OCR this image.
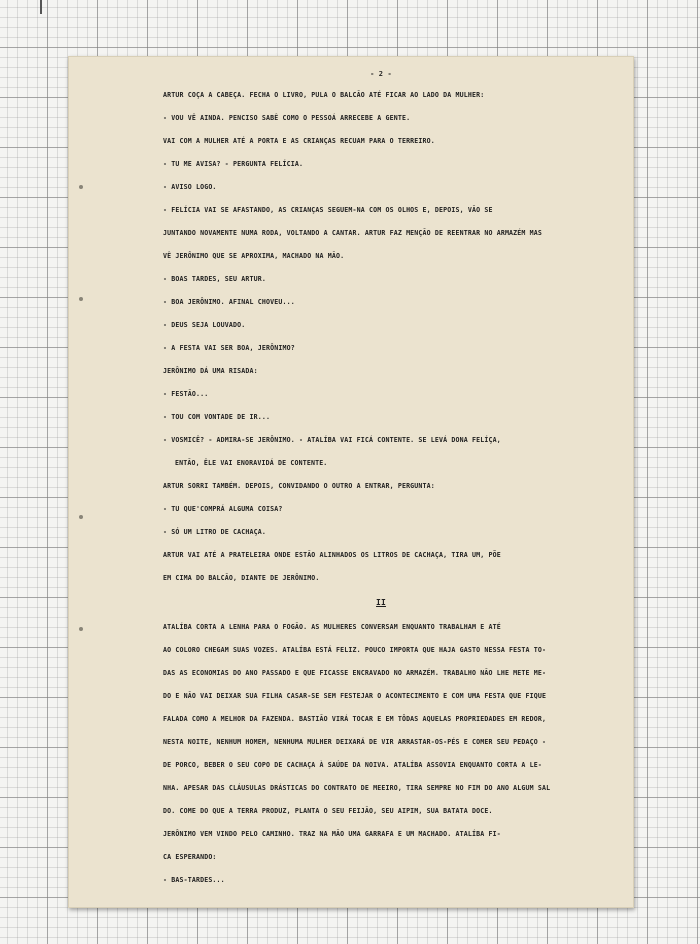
- 2 -

ARTUR COÇA A CABEÇA. FECHA O LIVRO, PULA O BALCÃO ATÉ FICAR AO LADO DA MULHER:

- VOU VÊ AINDA. PENCISO SABÊ COMO O PESSOÁ ARRECEBE A GENTE.

VAI COM A MULHER ATÉ A PORTA E AS CRIANÇAS RECUAM PARA O TERREIRO.

- TU ME AVISA? - PERGUNTA FELÍCIA.

- AVISO LOGO.

- FELÍCIA VAI SE AFASTANDO, AS CRIANÇAS SEGUEM-NA COM OS OLHOS E, DEPOIS, VÃO SE

JUNTANDO NOVAMENTE NUMA RODA, VOLTANDO A CANTAR. ARTUR FAZ MENÇÃO DE REENTRAR NO ARMAZÉM MAS

VÊ JERÔNIMO QUE SE APROXIMA, MACHADO NA MÃO.

- BOAS TARDES, SEU ARTUR.

- BOA JERÔNIMO. AFINAL CHOVEU...

- DEUS SEJA LOUVADO.

- A FESTA VAI SER BOA, JERÔNIMO?

JERÔNIMO DÁ UMA RISADA:

- FESTÃO...

- TOU COM VONTADE DE IR...

- VOSMICÊ? - ADMIRA-SE JERÔNIMO. - ATALÍBA VAI FICÁ CONTENTE. SE LEVÁ DONA FELÍÇA,

ENTÃO, ÊLE VAI ENORAVIDÁ DE CONTENTE.

ARTUR SORRI TAMBÉM. DEPOIS, CONVIDANDO O OUTRO A ENTRAR, PERGUNTA:

- TU QUE'COMPRÁ ALGUMA COISA?

- SÓ UM LITRO DE CACHAÇA.

ARTUR VAI ATÉ A PRATELEIRA ONDE ESTÃO ALINHADOS OS LITROS DE CACHAÇA, TIRA UM, PÕE

EM CIMA DO BALCÃO, DIANTE DE JERÔNIMO.

II

ATALÍBA CORTA A LENHA PARA O FOGÃO. AS MULHERES CONVERSAM ENQUANTO TRABALHAM E ATÉ

AO COLORO CHEGAM SUAS VOZES. ATALÍBA ESTÁ FELIZ. POUCO IMPORTA QUE HAJA GASTO NESSA FESTA TO-

DAS AS ECONOMIAS DO ANO PASSADO E QUE FICASSE ENCRAVADO NO ARMAZÉM. TRABALHO NÃO LHE METE ME-

DO E NÃO VAI DEIXAR SUA FILHA CASAR-SE SEM FESTEJAR O ACONTECIMENTO E COM UMA FESTA QUE FIQUE

FALADA COMO A MELHOR DA FAZENDA. BASTIÃO VIRÁ TOCAR E EM TÔDAS AQUELAS PROPRIEDADES EM REDOR,

NESTA NOITE, NENHUM HOMEM, NENHUMA MULHER DEIXARÁ DE VIR ARRASTAR-OS-PÉS E COMER SEU PEDAÇO -

DE PORCO, BEBER O SEU COPO DE CACHAÇA À SAÚDE DA NOIVA. ATALÍBA ASSOVIA ENQUANTO CORTA A LE-

NHA. APESAR DAS CLÁUSULAS DRÁSTICAS DO CONTRATO DE MEEIRO, TIRA SEMPRE NO FIM DO ANO ALGUM SAL

DO. COME DO QUE A TERRA PRODUZ, PLANTA O SEU FEIJÃO, SEU AIPIM, SUA BATATA DOCE.

JERÔNIMO VEM VINDO PELO CAMINHO. TRAZ NA MÃO UMA GARRAFA E UM MACHADO. ATALÍBA FI-

CA ESPERANDO:

- BAS-TARDES...
